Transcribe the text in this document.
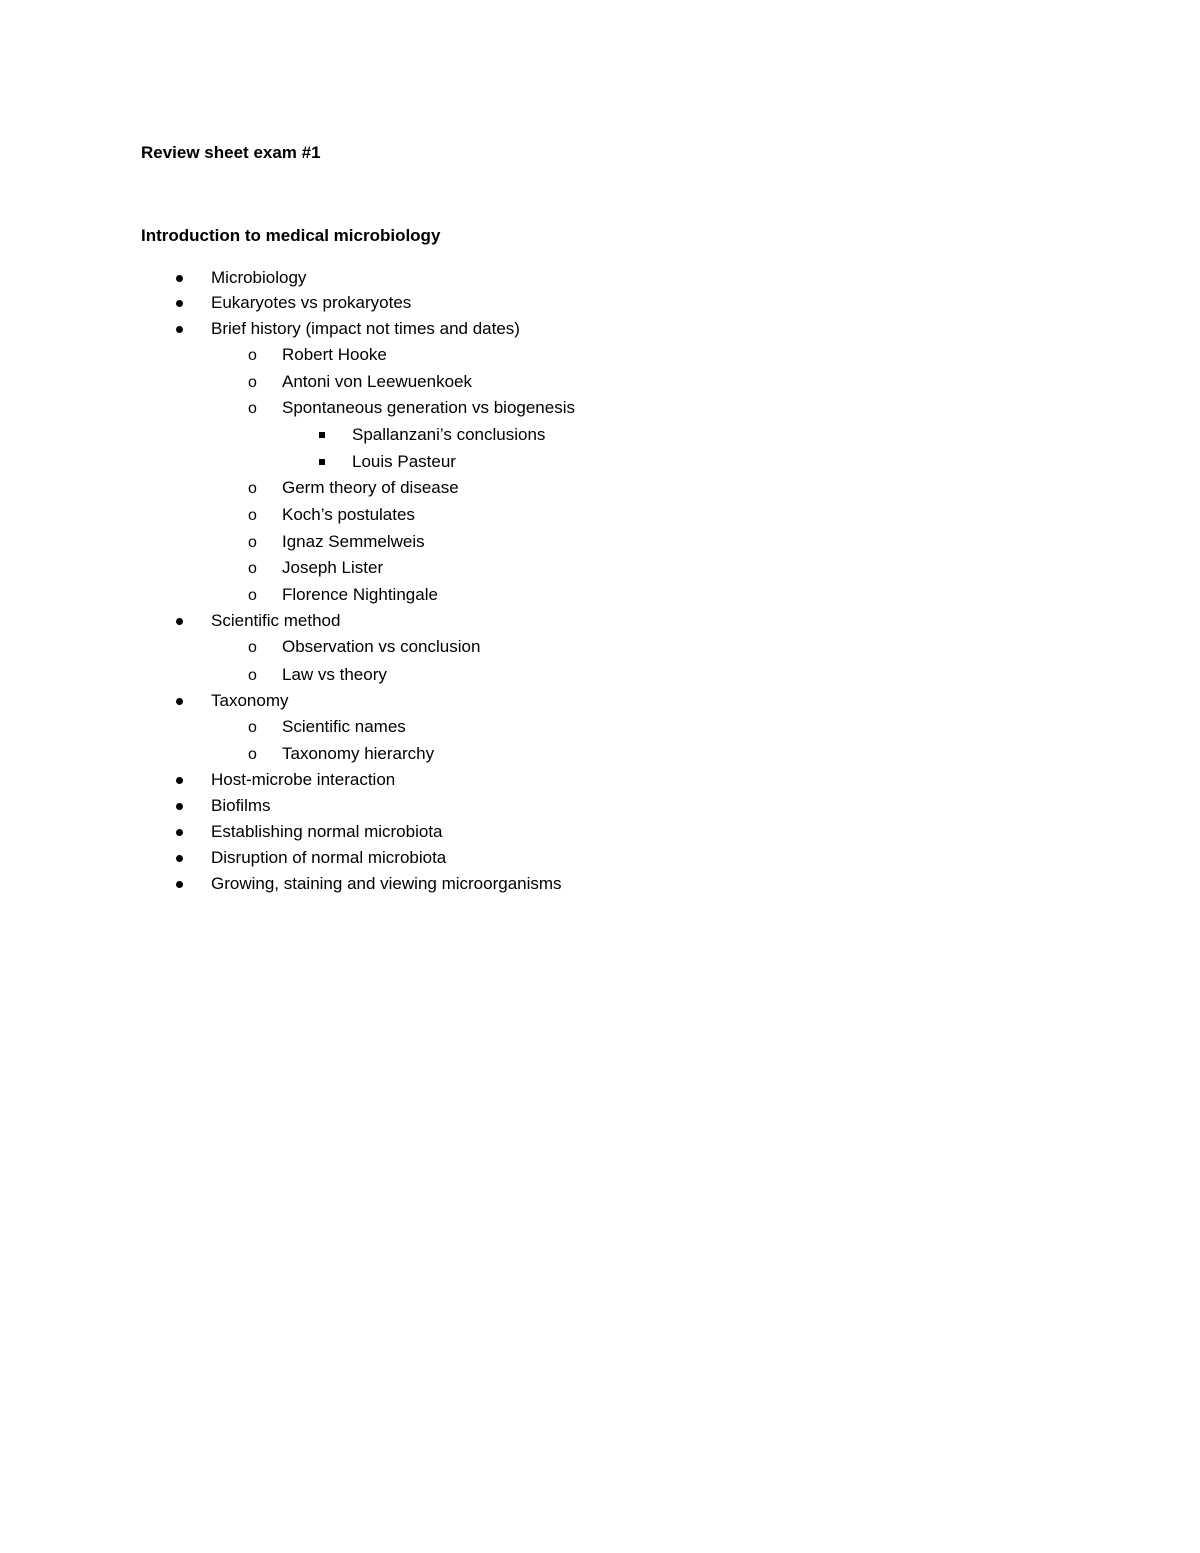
Review sheet exam #1
Introduction to medical microbiology
Microbiology
Eukaryotes vs prokaryotes
Brief history (impact not times and dates)
o	Robert Hooke
o	Antoni von Leewuenkoek
o	Spontaneous generation vs biogenesis
Spallanzani’s conclusions
Louis Pasteur
o	Germ theory of disease
o	Koch’s postulates
o	Ignaz Semmelweis
o	Joseph Lister
o	Florence Nightingale
Scientific method
o	Observation vs conclusion
o	Law vs theory
Taxonomy
o	Scientific names
o	Taxonomy hierarchy
Host-microbe interaction
Biofilms
Establishing normal microbiota
Disruption of normal microbiota
Growing, staining and viewing microorganisms
